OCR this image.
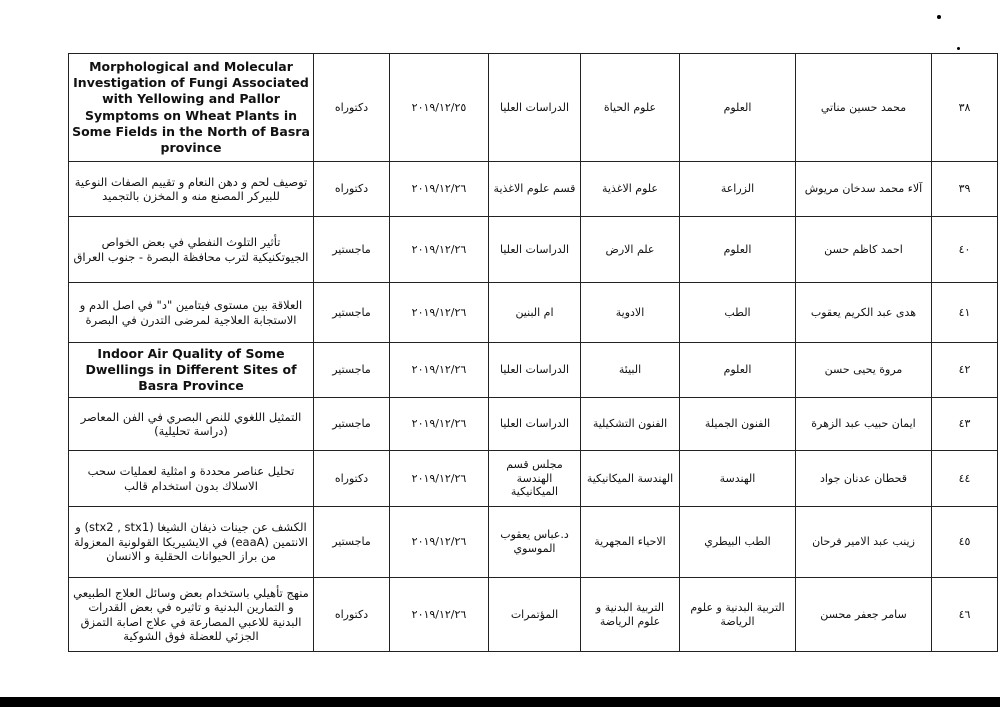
Morphological and Molecular Investigation of Fungi Associated with Yellowing and Pallor Symptoms on Wheat Plants in Some Fields in the North of Basra province	دكتوراه	٢٠١٩/١٢/٢٥	الدراسات العليا	علوم الحياة	العلوم	محمد حسين مناتي	٣٨
توصيف لحم و دهن النعام و تقييم الصفات النوعية للبيركر المصنع منه و المخزن بالتجميد	دكتوراه	٢٠١٩/١٢/٢٦	قسم علوم الاغذية	علوم الاغذية	الزراعة	آلاء محمد سدخان مريوش	٣٩
تأثير التلوث النفطي في بعض الخواص الجيوتكنيكية لترب محافظة البصرة - جنوب العراق	ماجستير	٢٠١٩/١٢/٢٦	الدراسات العليا	علم الارض	العلوم	احمد كاظم حسن	٤٠
العلاقة بين مستوى فيتامين "د" في اصل الدم و الاستجابة العلاجية لمرضى التدرن في البصرة	ماجستير	٢٠١٩/١٢/٢٦	ام البنين	الادوية	الطب	هدى عبد الكريم يعقوب	٤١
Indoor Air Quality of Some Dwellings in Different Sites of Basra Province	ماجستير	٢٠١٩/١٢/٢٦	الدراسات العليا	البيئة	العلوم	مروة يحيى حسن	٤٢
التمثيل اللغوي للنص البصري في الفن المعاصر (دراسة تحليلية)	ماجستير	٢٠١٩/١٢/٢٦	الدراسات العليا	الفنون التشكيلية	الفنون الجميلة	ايمان حبيب عبد الزهرة	٤٣
تحليل عناصر محددة و امثلية لعمليات سحب الاسلاك بدون استخدام قالب	دكتوراه	٢٠١٩/١٢/٢٦	مجلس قسم الهندسة الميكانيكية	الهندسة الميكانيكية	الهندسة	قحطان عدنان جواد	٤٤
الكشف عن جينات ذيفان الشيغا (stx2 , stx1) و الانتمين (eaaA) في الايشيريكا القولونية المعزولة من براز الحيوانات الحقلية و الانسان	ماجستير	٢٠١٩/١٢/٢٦	د.عباس يعقوب الموسوي	الاحياء المجهرية	الطب البيطري	زينب عبد الامير فرحان	٤٥
منهج تأهيلي باستخدام بعض وسائل العلاج الطبيعي و التمارين البدنية و تاثيره في بعض القدرات البدنية للاعبي المصارعة في علاج اصابة التمزق الجزئي للعضلة فوق الشوكية	دكتوراه	٢٠١٩/١٢/٢٦	المؤتمرات	التربية البدنية و علوم الرياضة	التربية البدنية و علوم الرياضة	سامر جعفر محسن	٤٦
